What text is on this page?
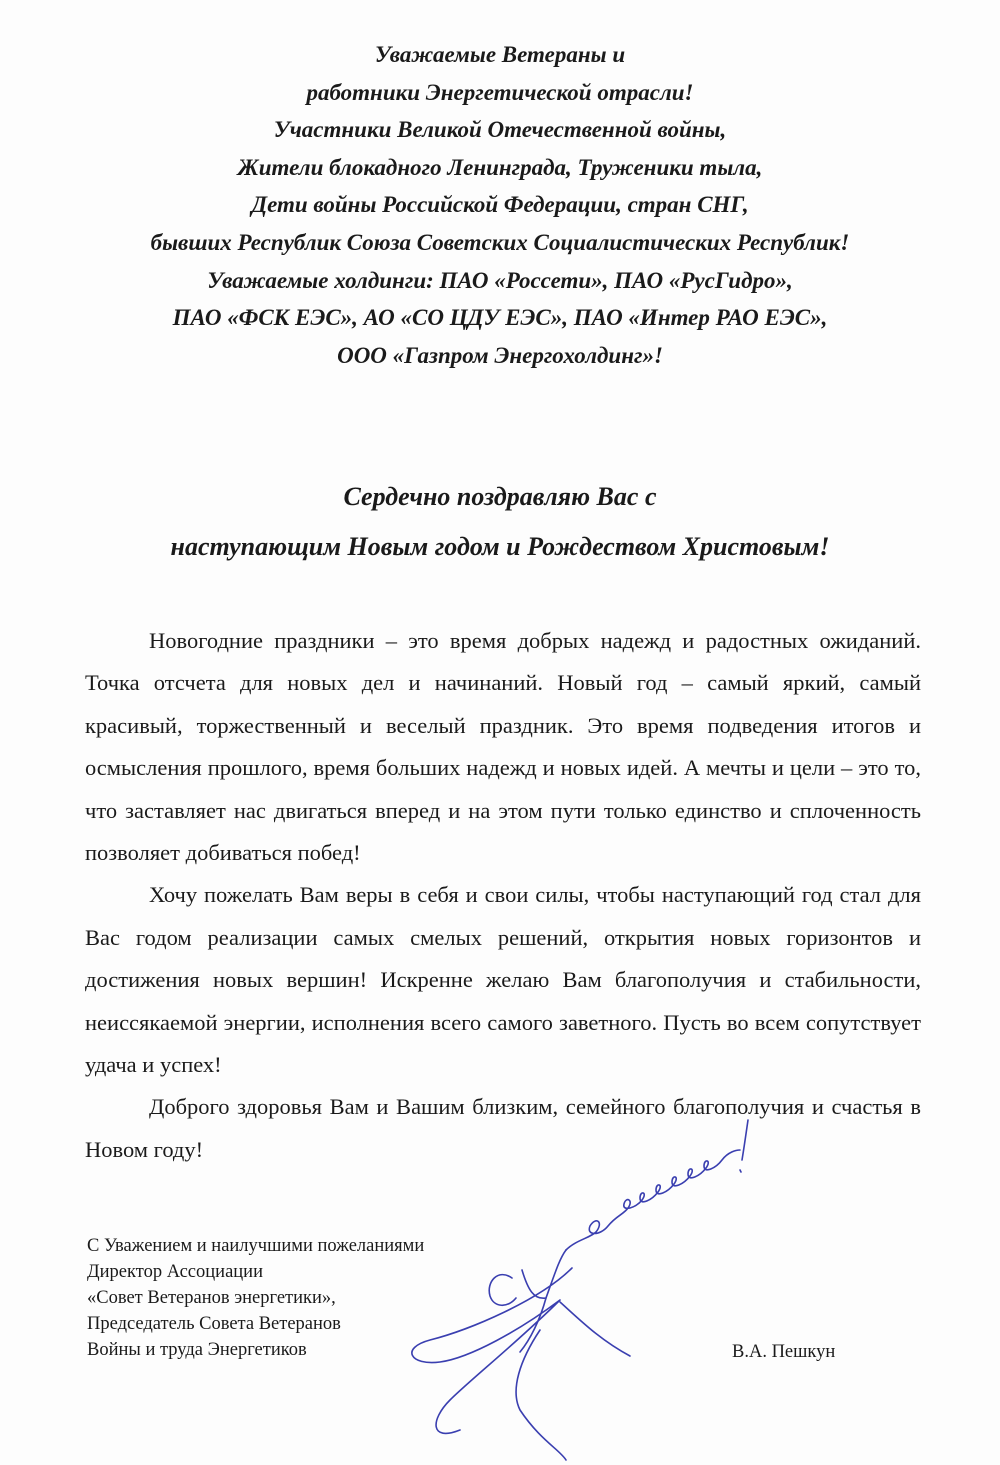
Уважаемые Ветераны и
работники Энергетической отрасли!
Участники Великой Отечественной войны,
Жители блокадного Ленинграда, Труженики тыла,
Дети войны Российской Федерации, стран СНГ,
бывших Республик Союза Советских Социалистических Республик!
Уважаемые холдинги: ПАО «Россети», ПАО «РусГидро»,
ПАО «ФСК ЕЭС», АО «СО ЦДУ ЕЭС», ПАО «Интер РАО ЕЭС»,
ООО «Газпром Энергохолдинг»!
Сердечно поздравляю Вас с
наступающим Новым годом и Рождеством Христовым!

Новогодние праздники – это время добрых надежд и радостных ожиданий. Точка отсчета для новых дел и начинаний. Новый год – самый яркий, самый красивый, торжественный и веселый праздник. Это время подведения итогов и осмысления прошлого, время больших надежд и новых идей. А мечты и цели – это то, что заставляет нас двигаться вперед и на этом пути только единство и сплоченность позволяет добиваться побед!

Хочу пожелать Вам веры в себя и свои силы, чтобы наступающий год стал для Вас годом реализации самых смелых решений, открытия новых горизонтов и достижения новых вершин! Искренне желаю Вам благополучия и стабильности, неиссякаемой энергии, исполнения всего самого заветного. Пусть во всем сопутствует удача и успех!

Доброго здоровья Вам и Вашим близким, семейного благополучия и счастья в Новом году!

С Уважением и наилучшими пожеланиями
Директор Ассоциации
«Совет Ветеранов энергетики»,
Председатель Совета Ветеранов
Войны и труда Энергетиков	В.А. Пешкун
